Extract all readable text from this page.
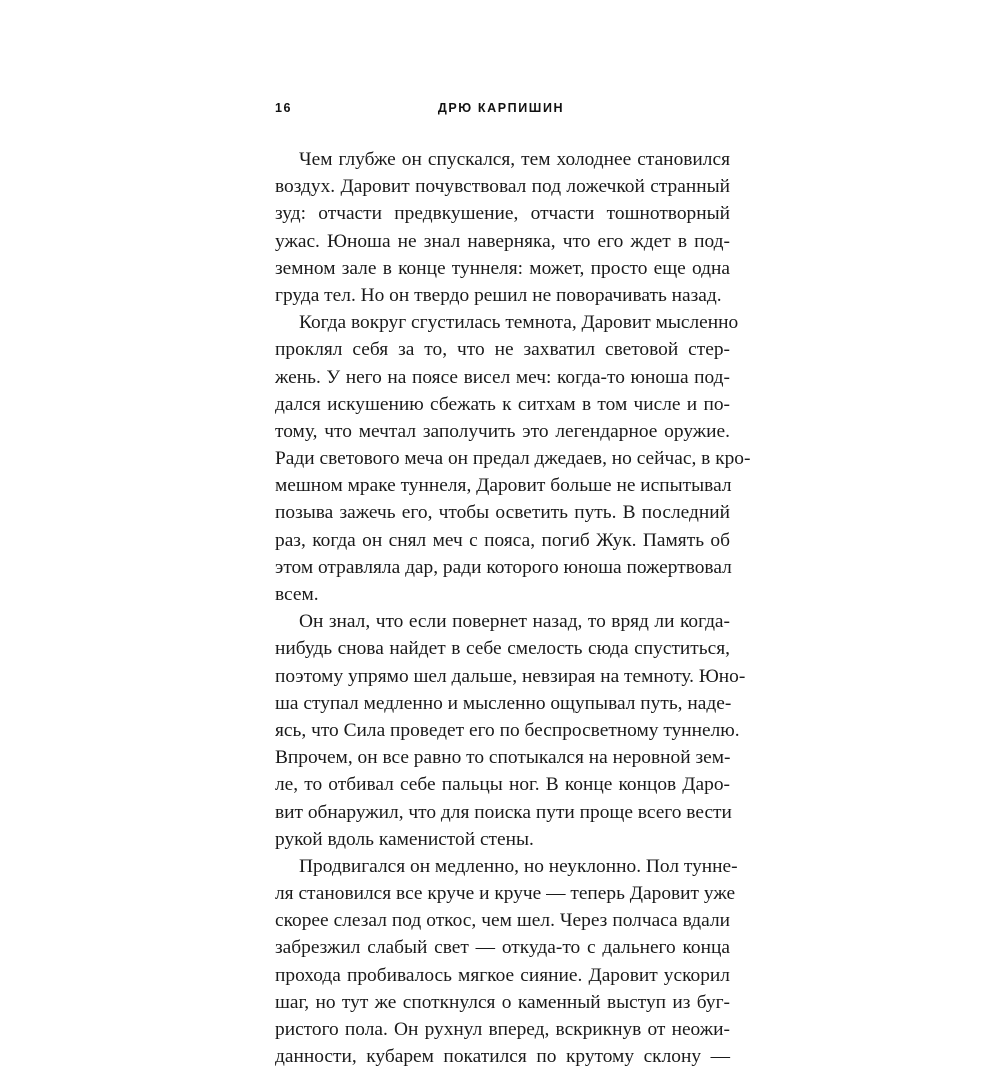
16	ДРЮ КАРПИШИН
Чем глубже он спускался, тем холоднее становился
воздух. Даровит почувствовал под ложечкой странный
зуд: отчасти предвкушение, отчасти тошнотворный
ужас. Юноша не знал наверняка, что его ждет в под-
земном зале в конце туннеля: может, просто еще одна
груда тел. Но он твердо решил не поворачивать назад.
Когда вокруг сгустилась темнота, Даровит мысленно
проклял себя за то, что не захватил световой стер-
жень. У него на поясе висел меч: когда-то юноша под-
дался искушению сбежать к ситхам в том числе и по-
тому, что мечтал заполучить это легендарное оружие.
Ради светового меча он предал джедаев, но сейчас, в кро-
мешном мраке туннеля, Даровит больше не испытывал
позыва зажечь его, чтобы осветить путь. В последний
раз, когда он снял меч с пояса, погиб Жук. Память об
этом отравляла дар, ради которого юноша пожертвовал
всем.
Он знал, что если повернет назад, то вряд ли когда-
нибудь снова найдет в себе смелость сюда спуститься,
поэтому упрямо шел дальше, невзирая на темноту. Юно-
ша ступал медленно и мысленно ощупывал путь, наде-
ясь, что Сила проведет его по беспросветному туннелю.
Впрочем, он все равно то спотыкался на неровной зем-
ле, то отбивал себе пальцы ног. В конце концов Даро-
вит обнаружил, что для поиска пути проще всего вести
рукой вдоль каменистой стены.
Продвигался он медленно, но неуклонно. Пол тунне-
ля становился все круче и круче — теперь Даровит уже
скорее слезал под откос, чем шел. Через полчаса вдали
забрезжил слабый свет — откуда-то с дальнего конца
прохода пробивалось мягкое сияние. Даровит ускорил
шаг, но тут же споткнулся о каменный выступ из буг-
ристого пола. Он рухнул вперед, вскрикнув от неожи-
данности, кубарем покатился по крутому склону —
